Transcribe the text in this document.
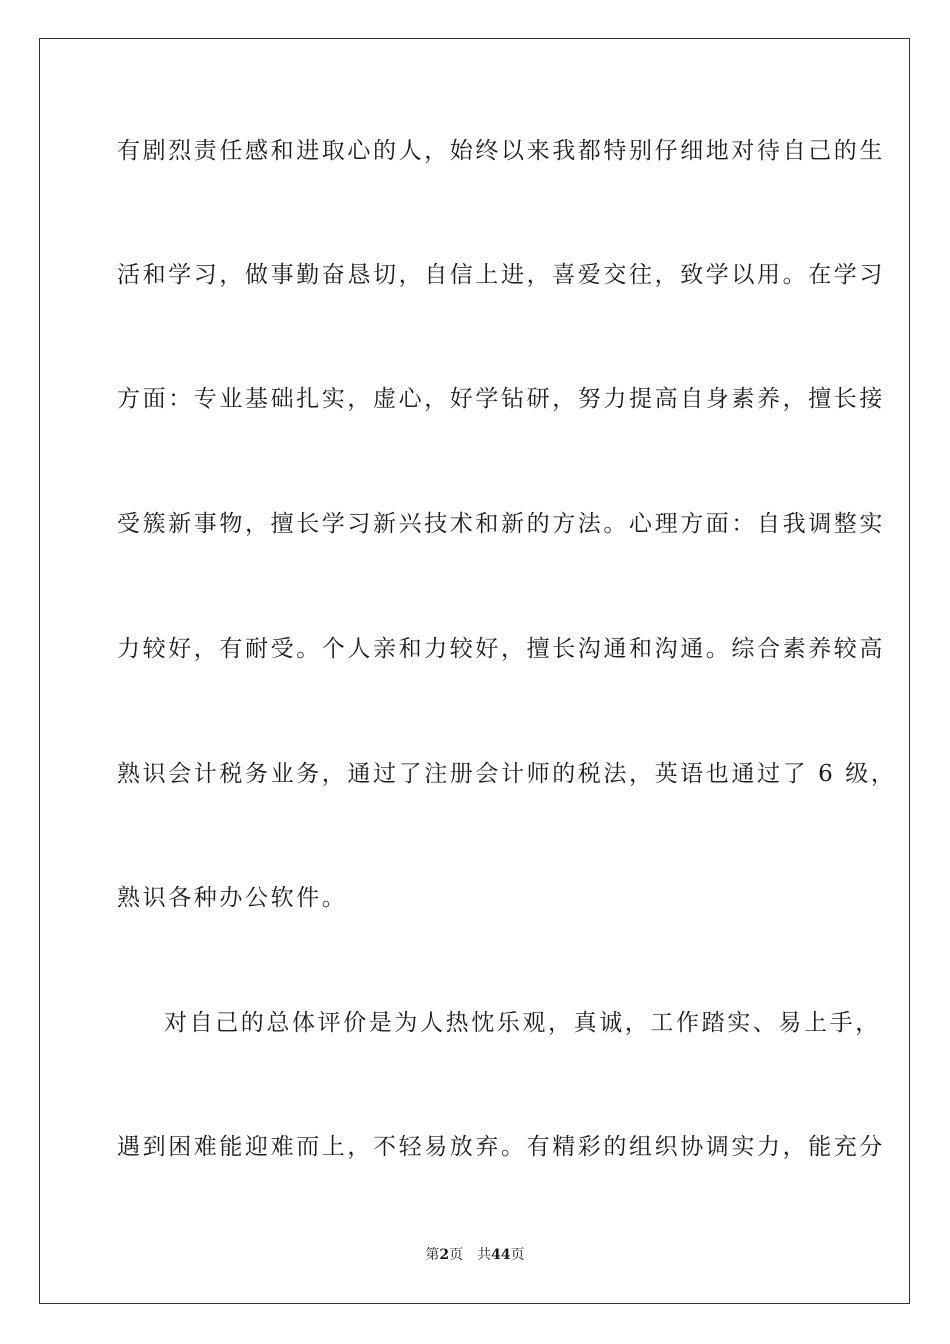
有剧烈责任感和进取心的人，始终以来我都特别仔细地对待自己的生
活和学习，做事勤奋恳切，自信上进，喜爱交往，致学以用。在学习
方面：专业基础扎实，虚心，好学钻研，努力提高自身素养，擅长接
受簇新事物，擅长学习新兴技术和新的方法。心理方面：自我调整实
力较好，有耐受。个人亲和力较好，擅长沟通和沟通。综合素养较高
熟识会计税务业务，通过了注册会计师的税法，英语也通过了 6 级，
熟识各种办公软件。
对自己的总体评价是为人热忱乐观，真诚，工作踏实、易上手，
遇到困难能迎难而上，不轻易放弃。有精彩的组织协调实力，能充分
第2页 共44页
